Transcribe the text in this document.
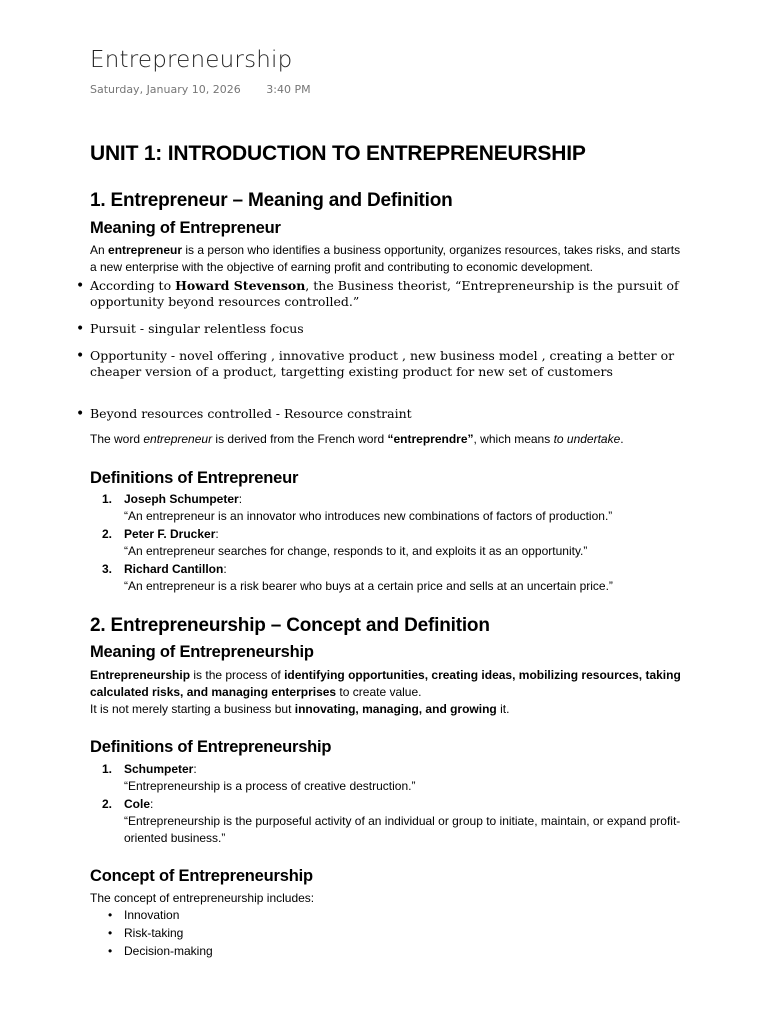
Entrepreneurship
Saturday, January 10, 2026 3:40 PM
UNIT 1: INTRODUCTION TO ENTREPRENEURSHIP
1. Entrepreneur – Meaning and Definition
Meaning of Entrepreneur
An entrepreneur is a person who identifies a business opportunity, organizes resources, takes risks, and starts a new enterprise with the objective of earning profit and contributing to economic development.
• According to Howard Stevenson, the Business theorist, “Entrepreneurship is the pursuit of opportunity beyond resources controlled.”
• Pursuit - singular relentless focus
• Opportunity - novel offering , innovative product , new business model , creating a better or cheaper version of a product, targetting existing product for new set of customers
• Beyond resources controlled - Resource constraint
The word entrepreneur is derived from the French word “entreprendre”, which means to undertake.
Definitions of Entrepreneur
1. Joseph Schumpeter:
“An entrepreneur is an innovator who introduces new combinations of factors of production.”
2. Peter F. Drucker:
“An entrepreneur searches for change, responds to it, and exploits it as an opportunity.”
3. Richard Cantillon:
“An entrepreneur is a risk bearer who buys at a certain price and sells at an uncertain price.”
2. Entrepreneurship – Concept and Definition
Meaning of Entrepreneurship
Entrepreneurship is the process of identifying opportunities, creating ideas, mobilizing resources, taking calculated risks, and managing enterprises to create value.
It is not merely starting a business but innovating, managing, and growing it.
Definitions of Entrepreneurship
1. Schumpeter:
“Entrepreneurship is a process of creative destruction.”
2. Cole:
“Entrepreneurship is the purposeful activity of an individual or group to initiate, maintain, or expand profit-oriented business.”
Concept of Entrepreneurship
The concept of entrepreneurship includes:
• Innovation
• Risk-taking
• Decision-making
